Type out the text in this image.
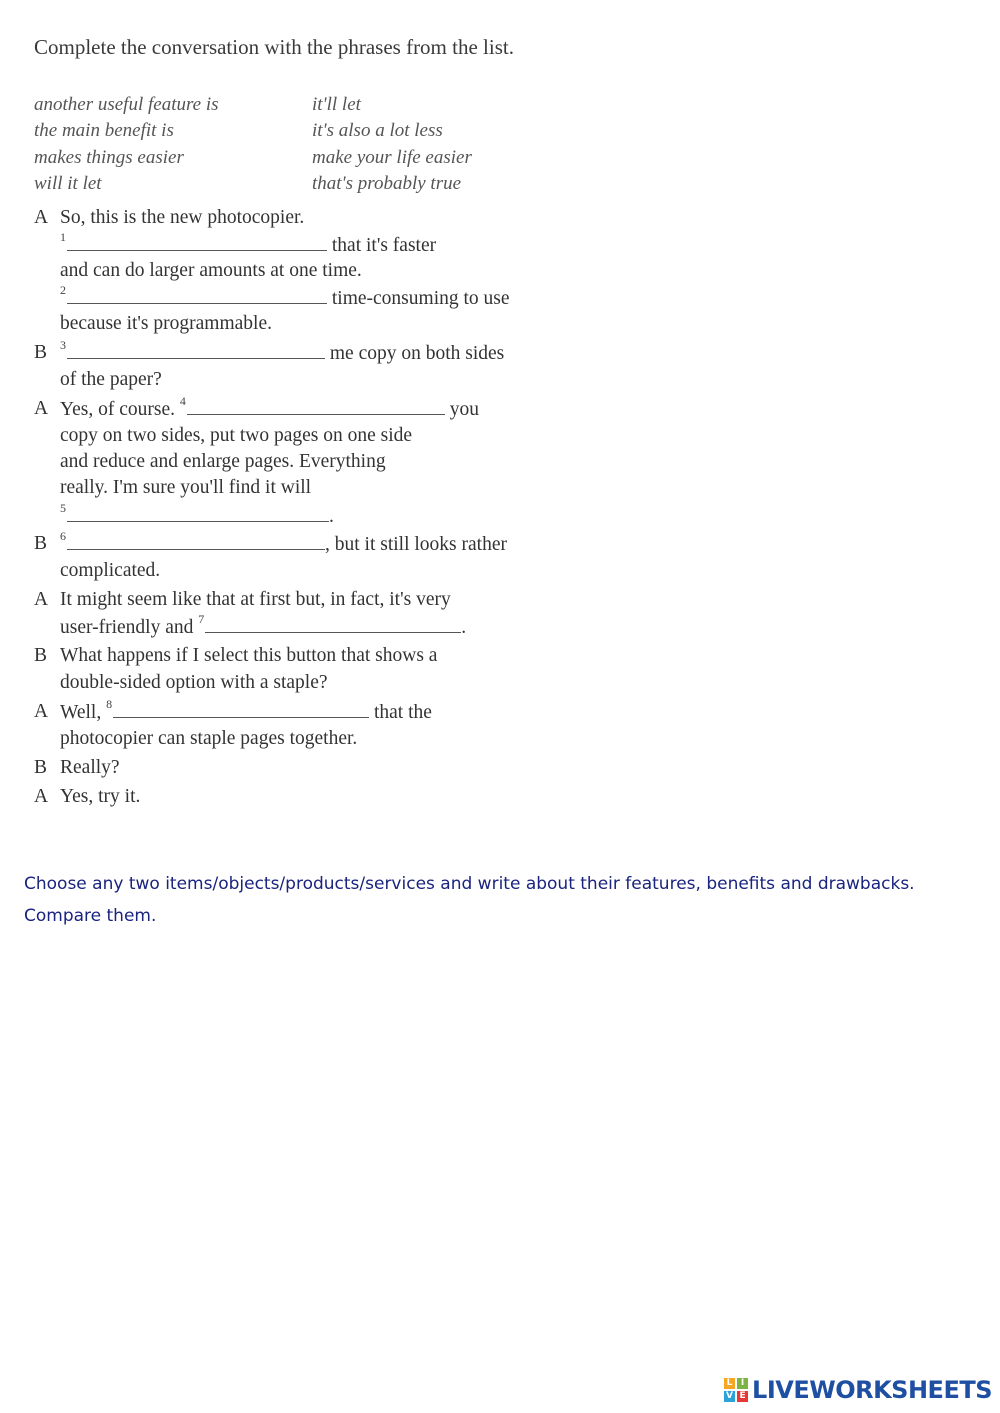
Complete the conversation with the phrases from the list.
another useful feature is	it'll let
the main benefit is	it's also a lot less
makes things easier	make your life easier
will it let	that's probably true
A So, this is the new photocopier.
$^1$	that it's faster
and can do larger amounts at one time.
$^2$	time-consuming to use
because it's programmable.
B $^3$	me copy on both sides
of the paper?
A Yes, of course. $^4$	you
copy on two sides, put two pages on one side
and reduce and enlarge pages. Everything
really. I'm sure you'll find it will
$^5$	.
B $^6$	, but it still looks rather
complicated.
A It might seem like that at first but, in fact, it's very
user-friendly and $^7$	.
B What happens if I select this button that shows a
double-sided option with a staple?
A Well, $^8$	that the
photocopier can staple pages together.
B Really?
A Yes, try it.
Choose any two items/objects/products/services and write about their features, benefits and drawbacks. Compare them.
L I
V E LIVEWORKSHEETS
